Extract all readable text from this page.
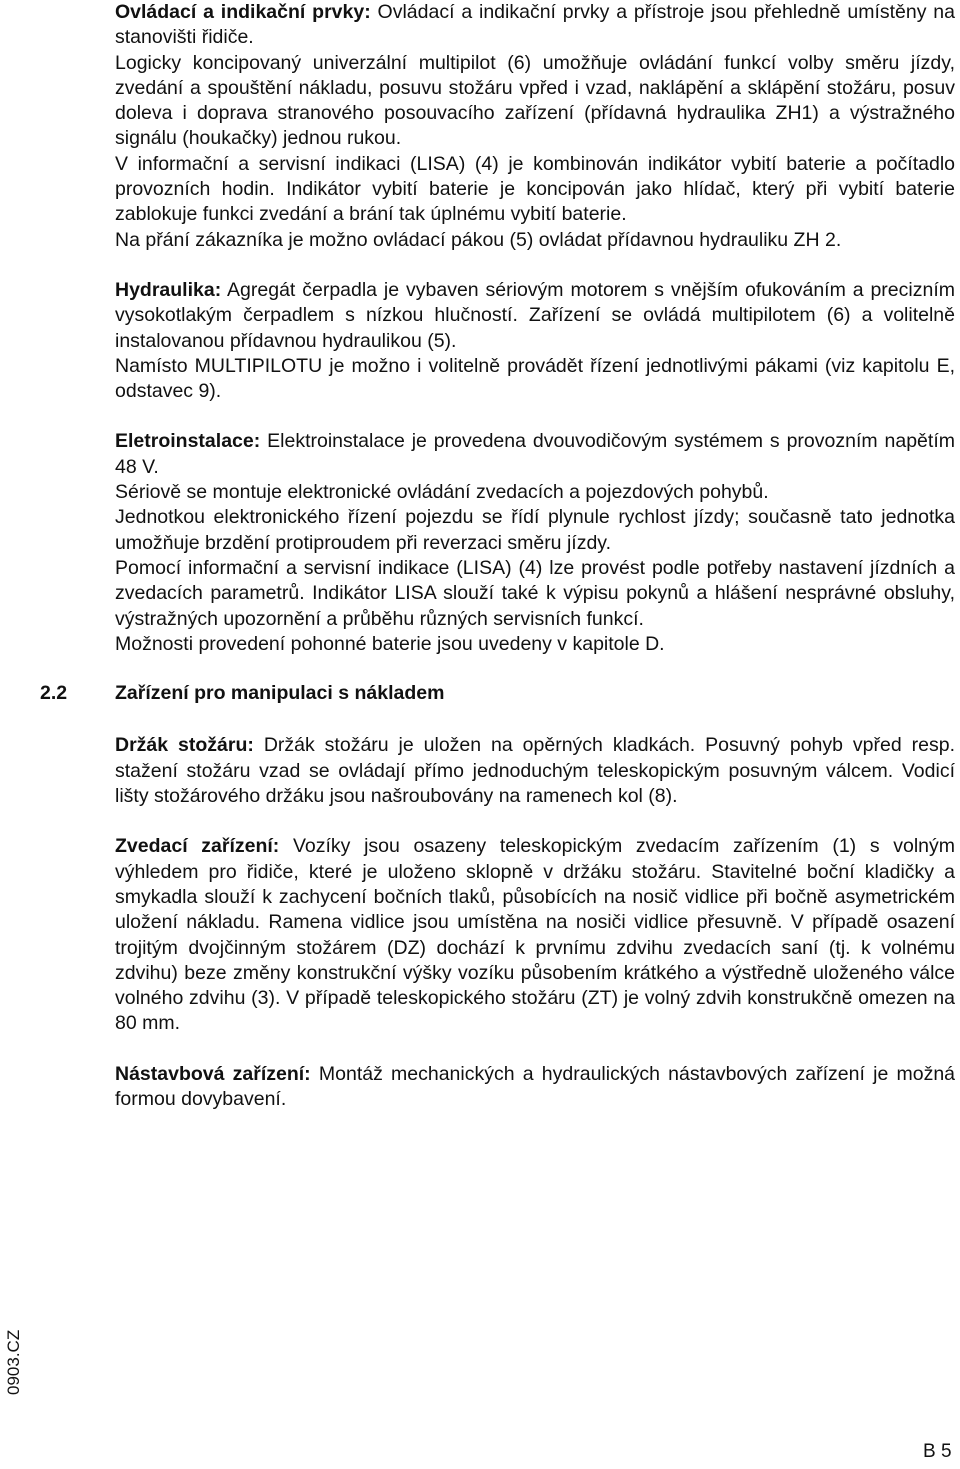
Ovládací a indikační prvky: Ovládací a indikační prvky a přístroje jsou přehledně umístěny na stanovišti řidiče.

Logicky koncipovaný univerzální multipilot (6) umožňuje ovládání funkcí volby směru jízdy, zvedání a spouštění nákladu, posuvu stožáru vpřed i vzad, naklápění a sklápění stožáru, posuv doleva i doprava stranového posouvacího zařízení (přídavná hydraulika ZH1) a výstražného signálu (houkačky) jednou rukou.

V informační a servisní indikaci (LISA) (4) je kombinován indikátor vybití baterie a počítadlo provozních hodin. Indikátor vybití baterie je koncipován jako hlídač, který při vybití baterie zablokuje funkci zvedání a brání tak úplnému vybití baterie.

Na přání zákazníka je možno ovládací pákou (5) ovládat přídavnou hydrauliku ZH 2.

Hydraulika: Agregát čerpadla je vybaven sériovým motorem s vnějším ofukováním a precizním vysokotlakým čerpadlem s nízkou hlučností. Zařízení se ovládá multipilotem (6) a volitelně instalovanou přídavnou hydraulikou (5).

Namísto MULTIPILOTU je možno i volitelně provádět řízení jednotlivými pákami (viz kapitolu E, odstavec 9).

Eletroinstalace: Elektroinstalace je provedena dvouvodičovým systémem s provozním napětím 48 V.

Sériově se montuje elektronické ovládání zvedacích a pojezdových pohybů.

Jednotkou elektronického řízení pojezdu se řídí plynule rychlost jízdy; současně tato jednotka umožňuje brzdění protiproudem při reverzaci směru jízdy.

Pomocí informační a servisní indikace (LISA) (4) lze provést podle potřeby nastavení jízdních a zvedacích parametrů. Indikátor LISA slouží také k výpisu pokynů a hlášení nesprávné obsluhy, výstražných upozornění a průběhu různých servisních funkcí.

Možnosti provedení pohonné baterie jsou uvedeny v kapitole D.

2.2 Zařízení pro manipulaci s nákladem

Držák stožáru: Držák stožáru je uložen na opěrných kladkách. Posuvný pohyb vpřed resp. stažení stožáru vzad se ovládají přímo jednoduchým teleskopickým posuvným válcem. Vodicí lišty stožárového držáku jsou našroubovány na ramenech kol (8).

Zvedací zařízení: Vozíky jsou osazeny teleskopickým zvedacím zařízením (1) s volným výhledem pro řidiče, které je uloženo sklopně v držáku stožáru. Stavitelné boční kladičky a smykadla slouží k zachycení bočních tlaků, působících na nosič vidlice při bočně asymetrickém uložení nákladu. Ramena vidlice jsou umístěna na nosiči vidlice přesuvně. V případě osazení trojitým dvojčinným stožárem (DZ) dochází k prvnímu zdvihu zvedacích saní (tj. k volnému zdvihu) beze změny konstrukční výšky vozíku působením krátkého a výstředně uloženého válce volného zdvihu (3). V případě teleskopického stožáru (ZT) je volný zdvih konstrukčně omezen na 80 mm.

Nástavbová zařízení: Montáž mechanických a hydraulických nástavbových zařízení je možná formou dovybavení.

0903.CZ
B 5
